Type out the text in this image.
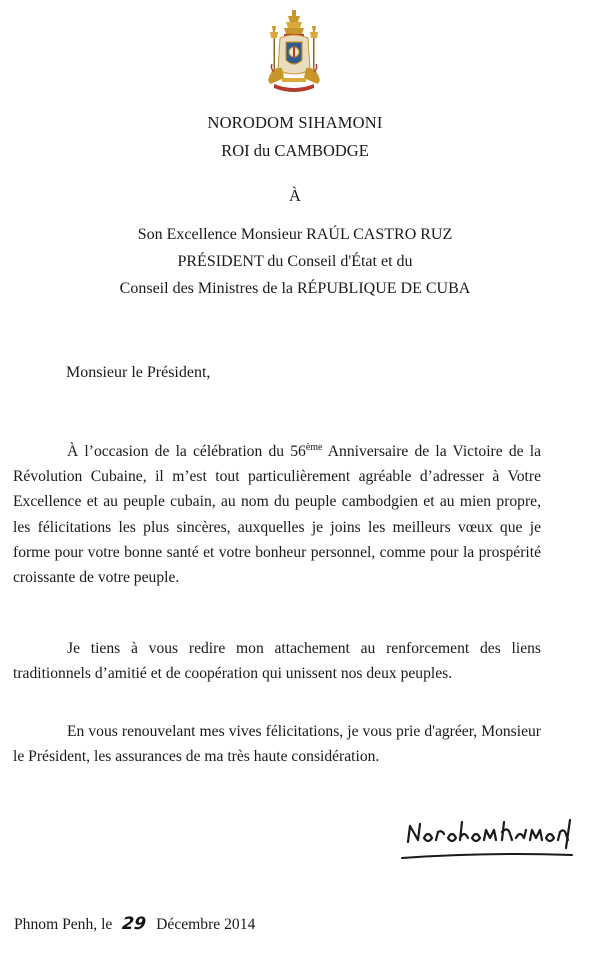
NORODOM SIHAMONI
ROI du CAMBODGE
À
Son Excellence Monsieur RAÚL CASTRO RUZ
PRÉSIDENT du Conseil d'État et du
Conseil des Ministres de la RÉPUBLIQUE DE CUBA
Monsieur le Président,
À l’occasion de la célébration du 56ème Anniversaire de la Victoire de la Révolution Cubaine, il m’est tout particulièrement agréable d’adresser à Votre Excellence et au peuple cubain, au nom du peuple cambodgien et au mien propre, les félicitations les plus sincères, auxquelles je joins les meilleurs vœux que je forme pour votre bonne santé et votre bonheur personnel, comme pour la prospérité croissante de votre peuple.
Je tiens à vous redire mon attachement au renforcement des liens traditionnels d’amitié et de coopération qui unissent nos deux peuples.
En vous renouvelant mes vives félicitations, je vous prie d'agréer, Monsieur le Président, les assurances de ma très haute considération.
Phnom Penh, le 29 Décembre 2014
